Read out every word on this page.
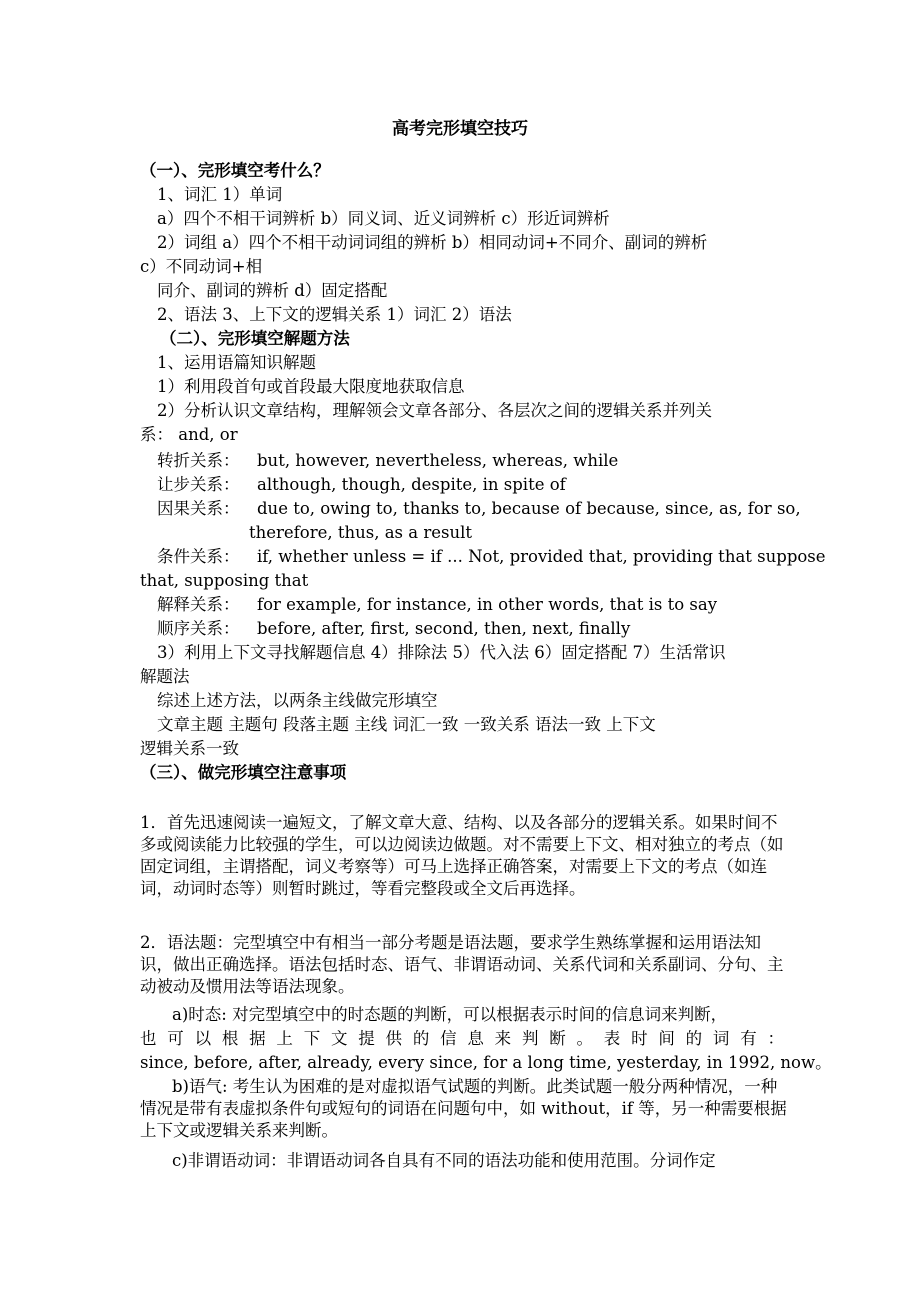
高考完形填空技巧
（一）、完形填空考什么？
1、词汇 1）单词
a）四个不相干词辨析 b）同义词、近义词辨析 c）形近词辨析
2）词组 a）四个不相干动词词组的辨析 b）相同动词+不同介、副词的辨析
c）不同动词+相
同介、副词的辨析 d）固定搭配
2、语法 3、上下文的逻辑关系 1）词汇 2）语法
（二）、完形填空解题方法
1、运用语篇知识解题
1）利用段首句或首段最大限度地获取信息
2）分析认识文章结构，理解领会文章各部分、各层次之间的逻辑关系并列关
系： and, or
转折关系： but, however, nevertheless, whereas, while
让步关系： although, though, despite, in spite of
因果关系： due to, owing to, thanks to, because of because, since, as, for so,
therefore, thus, as a result
条件关系： if, whether unless = if ... Not, provided that, providing that suppose
that, supposing that
解释关系： for example, for instance, in other words, that is to say
顺序关系： before, after, first, second, then, next, finally
3）利用上下文寻找解题信息 4）排除法 5）代入法 6）固定搭配 7）生活常识
解题法
综述上述方法，以两条主线做完形填空
文章主题 主题句 段落主题 主线 词汇一致 一致关系 语法一致 上下文
逻辑关系一致
（三）、做完形填空注意事项
1．首先迅速阅读一遍短文，了解文章大意、结构、以及各部分的逻辑关系。如果时间不多或阅读能力比较强的学生，可以边阅读边做题。对不需要上下文、相对独立的考点（如固定词组，主谓搭配，词义考察等）可马上选择正确答案，对需要上下文的考点（如连词，动词时态等）则暂时跳过，等看完整段或全文后再选择。
2．语法题：完型填空中有相当一部分考题是语法题，要求学生熟练掌握和运用语法知识，做出正确选择。语法包括时态、语气、非谓语动词、关系代词和关系副词、分句、主动被动及惯用法等语法现象。
a)时态: 对完型填空中的时态题的判断，可以根据表示时间的信息词来判断，
也 可 以 根 据 上 下 文 提 供 的 信 息 来 判 断 。 表 时 间 的 词 有 ：
since, before, after, already, every since, for a long time, yesterday, in 1992, now。
b)语气: 考生认为困难的是对虚拟语气试题的判断。此类试题一般分两种情况，一种情况是带有表虚拟条件句或短句的词语在问题句中，如 without，if 等，另一种需要根据上下文或逻辑关系来判断。
c)非谓语动词：非谓语动词各自具有不同的语法功能和使用范围。分词作定
